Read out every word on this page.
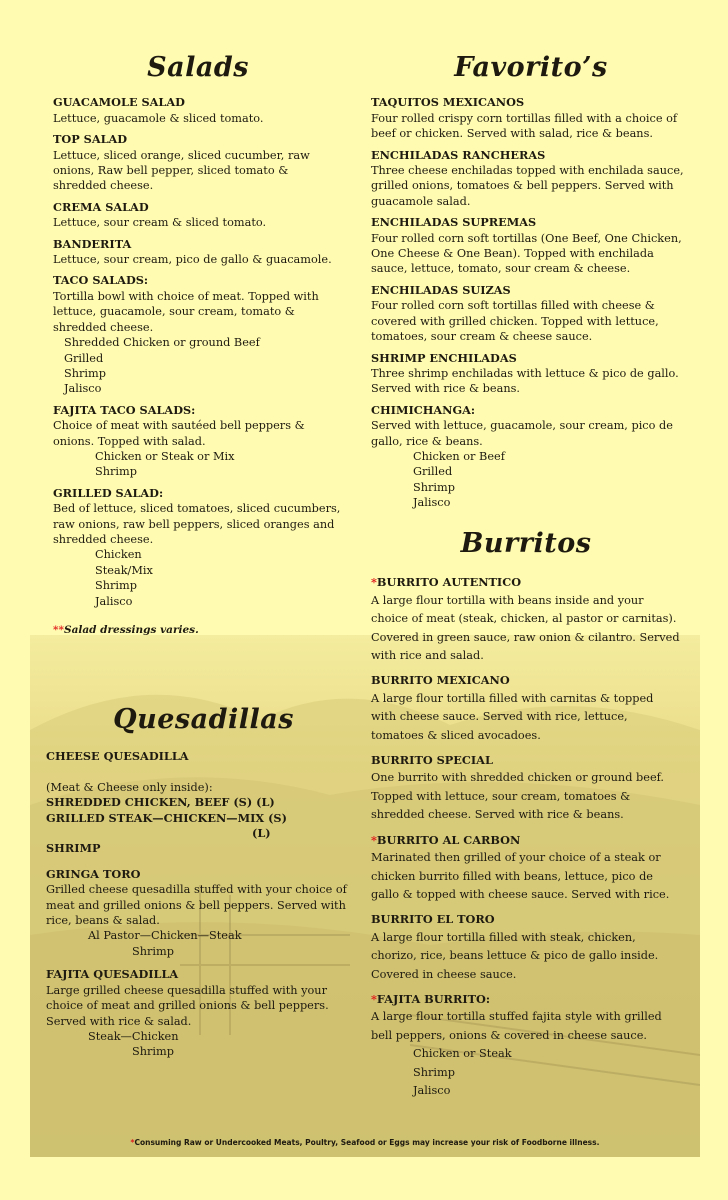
Salads
GUACAMOLE SALAD
Lettuce, guacamole & sliced tomato.
TOP SALAD
Lettuce, sliced orange, sliced cucumber, raw onions, Raw bell pepper, sliced tomato & shredded cheese.
CREMA SALAD
Lettuce, sour cream & sliced tomato.
BANDERITA
Lettuce, sour cream, pico de gallo & guacamole.
TACO SALADS:
Tortilla bowl with choice of meat. Topped with lettuce, guacamole, sour cream, tomato & shredded cheese.
Shredded Chicken or ground Beef
Grilled
Shrimp
Jalisco
FAJITA TACO SALADS:
Choice of meat with sautéed bell peppers & onions. Topped with salad.
Chicken or Steak or Mix
Shrimp
GRILLED SALAD:
Bed of lettuce, sliced tomatoes, sliced cucumbers, raw onions, raw bell peppers, sliced oranges and shredded cheese.
Chicken
Steak/Mix
Shrimp
Jalisco
**Salad dressings varies.
Favorito’s
TAQUITOS MEXICANOS
Four rolled crispy corn tortillas filled with a choice of beef or chicken. Served with salad, rice & beans.
ENCHILADAS RANCHERAS
Three cheese enchiladas topped with enchilada sauce, grilled onions, tomatoes & bell peppers. Served with guacamole salad.
ENCHILADAS SUPREMAS
Four rolled corn soft tortillas (One Beef, One Chicken, One Cheese & One Bean). Topped with enchilada sauce, lettuce, tomato, sour cream & cheese.
ENCHILADAS SUIZAS
Four rolled corn soft tortillas filled with cheese & covered with grilled chicken. Topped with lettuce, tomatoes, sour cream & cheese sauce.
SHRIMP ENCHILADAS
Three shrimp enchiladas with lettuce & pico de gallo. Served with rice & beans.
CHIMICHANGA:
Served with lettuce, guacamole, sour cream, pico de gallo, rice & beans.
Chicken or Beef
Grilled
Shrimp
Jalisco
Burritos
*BURRITO AUTENTICO
A large flour tortilla with beans inside and your choice of meat (steak, chicken, al pastor or carnitas). Covered in green sauce, raw onion & cilantro. Served with rice and salad.
BURRITO MEXICANO
A large flour tortilla filled with carnitas & topped with cheese sauce. Served with rice, lettuce, tomatoes & sliced avocadoes.
BURRITO SPECIAL
One burrito with shredded chicken or ground beef. Topped with lettuce, sour cream, tomatoes & shredded cheese. Served with rice & beans.
*BURRITO AL CARBON
Marinated then grilled of your choice of a steak or chicken burrito filled with beans, lettuce, pico de gallo & topped with cheese sauce. Served with rice.
BURRITO EL TORO
A large flour tortilla filled with steak, chicken, chorizo, rice, beans lettuce & pico de gallo inside. Covered in cheese sauce.
*FAJITA BURRITO:
A large flour tortilla stuffed fajita style with grilled bell peppers, onions & covered in cheese sauce.
Chicken or Steak
Shrimp
Jalisco
Quesadillas
CHEESE QUESADILLA
(Meat & Cheese only inside):
SHREDDED CHICKEN, BEEF (S) (L)
GRILLED STEAK—CHICKEN—MIX (S)
(L)
SHRIMP
GRINGA TORO
Grilled cheese quesadilla stuffed with your choice of meat and grilled onions & bell peppers. Served with rice, beans & salad.
Al Pastor—Chicken—Steak
Shrimp
FAJITA QUESADILLA
Large grilled cheese quesadilla stuffed with your choice of meat and grilled onions & bell peppers. Served with rice & salad.
Steak—Chicken
Shrimp
*Consuming Raw or Undercooked Meats, Poultry, Seafood or Eggs may increase your risk of Foodborne illness.
